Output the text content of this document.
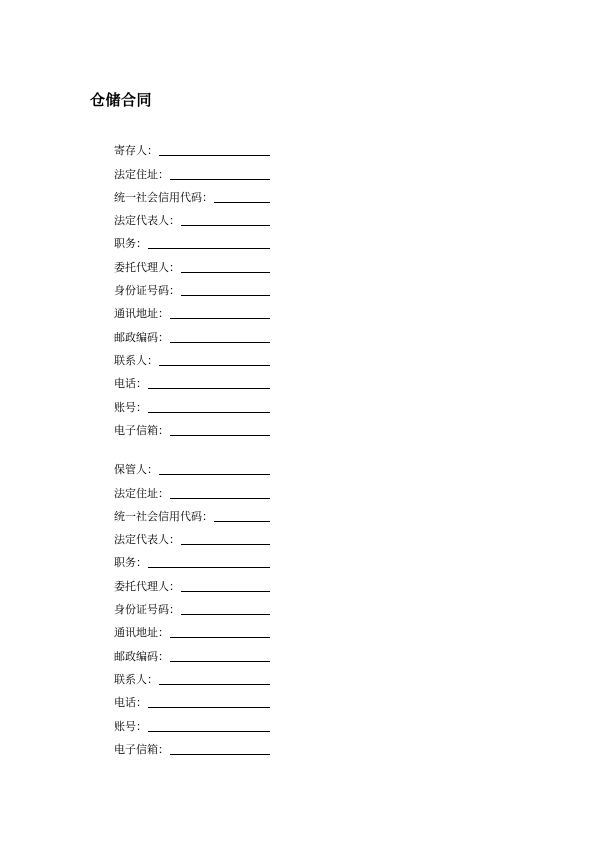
仓储合同
寄存人：
法定住址：
统一社会信用代码：
法定代表人：
职务：
委托代理人：
身份证号码：
通讯地址：
邮政编码：
联系人：
电话：
账号：
电子信箱：
保管人：
法定住址：
统一社会信用代码：
法定代表人：
职务：
委托代理人：
身份证号码：
通讯地址：
邮政编码：
联系人：
电话：
账号：
电子信箱：
